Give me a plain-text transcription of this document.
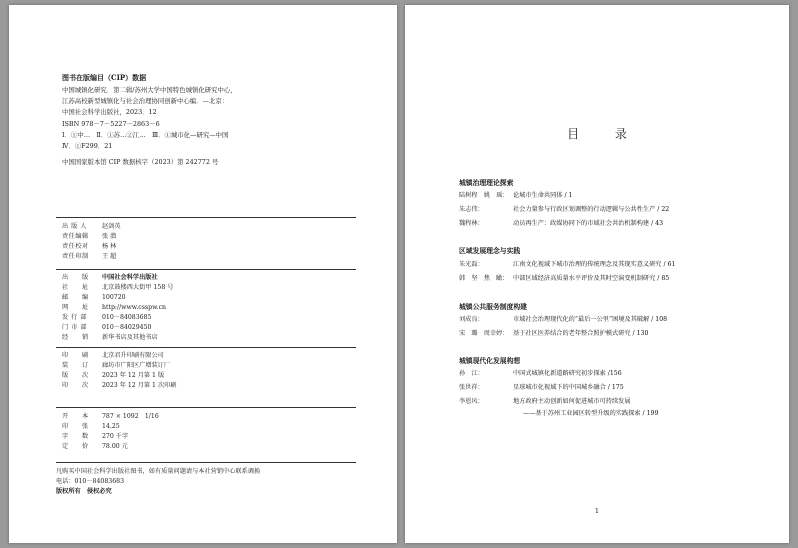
图书在版编目（CIP）数据
中国城镇化研究．第二辑/苏州大学中国特色城镇化研究中心，
江苏高校新型城镇化与社会治理协同创新中心编．—北京：
中国社会科学出版社，2023．12
ISBN 978－7－5227－2863－6
Ⅰ．①中…　Ⅱ．①苏…②江…　Ⅲ．①城市化—研究—中国
Ⅳ．①F299．21
中国国家版本馆 CIP 数据核字（2023）第 242772 号
出 版 人	赵剑英
责任编辑	张 潜
责任校对	杨 林
责任印制	王 超
出　　版	中国社会科学出版社
社　　址	北京鼓楼西大街甲 158 号
邮　　编	100720
网　　址	http://www.csspw.cn
发 行 部	010－84083685
门 市 部	010－84029450
经　　销	新华书店及其他书店
印　　刷	北京君升印刷有限公司
装　　订	廊坊市广阳区广增装订厂
版　　次	2023 年 12 月第 1 版
印　　次	2023 年 12 月第 1 次印刷
开　　本	787 × 1092　1/16
印　　张	14.25
字　　数	270 千字
定　　价	78.00 元
凡购买中国社会科学出版社图书，如有质量问题请与本社营销中心联系调换
电话：010－84083683
版权所有　侵权必究
目 录
城镇治理理论探索
陆树程　姚　瑶： 论城市生命共同体 / 1
朱志伟：	社会力量参与行政区划调整的行动逻辑与公共性生产 / 22
魏程林：	动员再生产：政媒协同下的市域社会共治机制构建 / 43
区域发展理念与实践
朱光磊：	江南文化视域下城市治理的传统理念及其现实意义研究 / 61
韩　坚　焦　瞰： 中部区域经济高质量水平评价及其时空演变机制研究 / 85
城镇公共服务制度构建
刘成良：	市域社会治理现代化的“最后一公里”困境及其破解 / 108
宋　璐　周幸婷： 基于社区医养结合的老年整合照护模式研究 / 130
城镇现代化发展构想
孙　江：	中国式城镇化新道路研究初步探索 /156
张世祥：	星球城市化视域下的中国城乡融合 / 175
李恩风：	地方政府主动创新如何促进城市可持续发展
——基于苏州工业园区转型升级的实践探索 / 199
1
